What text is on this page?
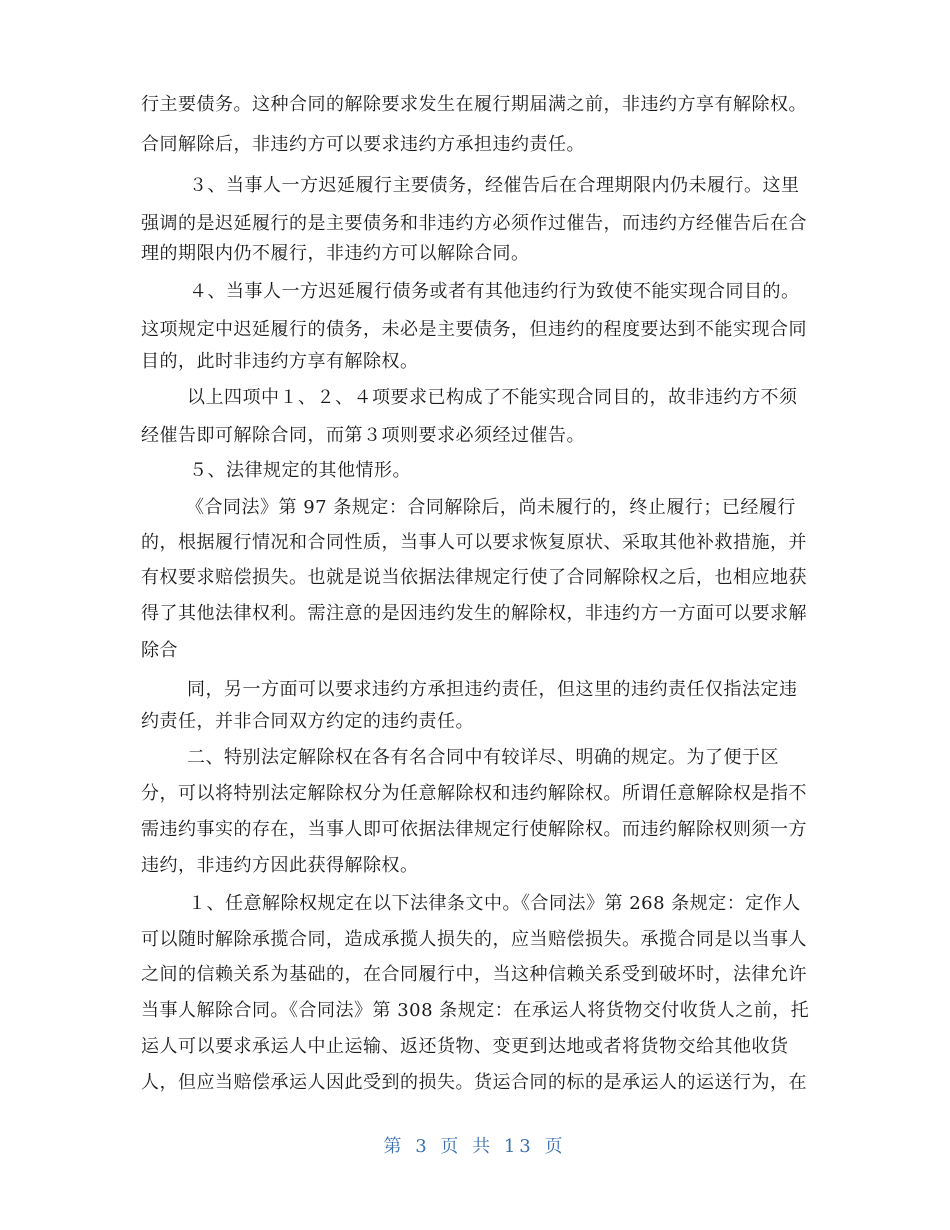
行主要债务。这种合同的解除要求发生在履行期届满之前，非违约方享有解除权。
合同解除后，非违约方可以要求违约方承担违约责任。
３、当事人一方迟延履行主要债务，经催告后在合理期限内仍未履行。这里
强调的是迟延履行的是主要债务和非违约方必须作过催告，而违约方经催告后在合
理的期限内仍不履行，非违约方可以解除合同。
４、当事人一方迟延履行债务或者有其他违约行为致使不能实现合同目的。
这项规定中迟延履行的债务，未必是主要债务，但违约的程度要达到不能实现合同
目的，此时非违约方享有解除权。
以上四项中１、２、４项要求已构成了不能实现合同目的，故非违约方不须
经催告即可解除合同，而第３项则要求必须经过催告。
５、法律规定的其他情形。
《合同法》第 97 条规定：合同解除后，尚未履行的，终止履行；已经履行
的，根据履行情况和合同性质，当事人可以要求恢复原状、采取其他补救措施，并
有权要求赔偿损失。也就是说当依据法律规定行使了合同解除权之后，也相应地获
得了其他法律权利。需注意的是因违约发生的解除权，非违约方一方面可以要求解
除合
同，另一方面可以要求违约方承担违约责任，但这里的违约责任仅指法定违
约责任，并非合同双方约定的违约责任。
二、特别法定解除权在各有名合同中有较详尽、明确的规定。为了便于区
分，可以将特别法定解除权分为任意解除权和违约解除权。所谓任意解除权是指不
需违约事实的存在，当事人即可依据法律规定行使解除权。而违约解除权则须一方
违约，非违约方因此获得解除权。
１、任意解除权规定在以下法律条文中。《合同法》第 268 条规定：定作人
可以随时解除承揽合同，造成承揽人损失的，应当赔偿损失。承揽合同是以当事人
之间的信赖关系为基础的，在合同履行中，当这种信赖关系受到破坏时，法律允许
当事人解除合同。《合同法》第 308 条规定：在承运人将货物交付收货人之前，托
运人可以要求承运人中止运输、返还货物、变更到达地或者将货物交给其他收货
人，但应当赔偿承运人因此受到的损失。货运合同的标的是承运人的运送行为，在
第 3 页 共 13 页
